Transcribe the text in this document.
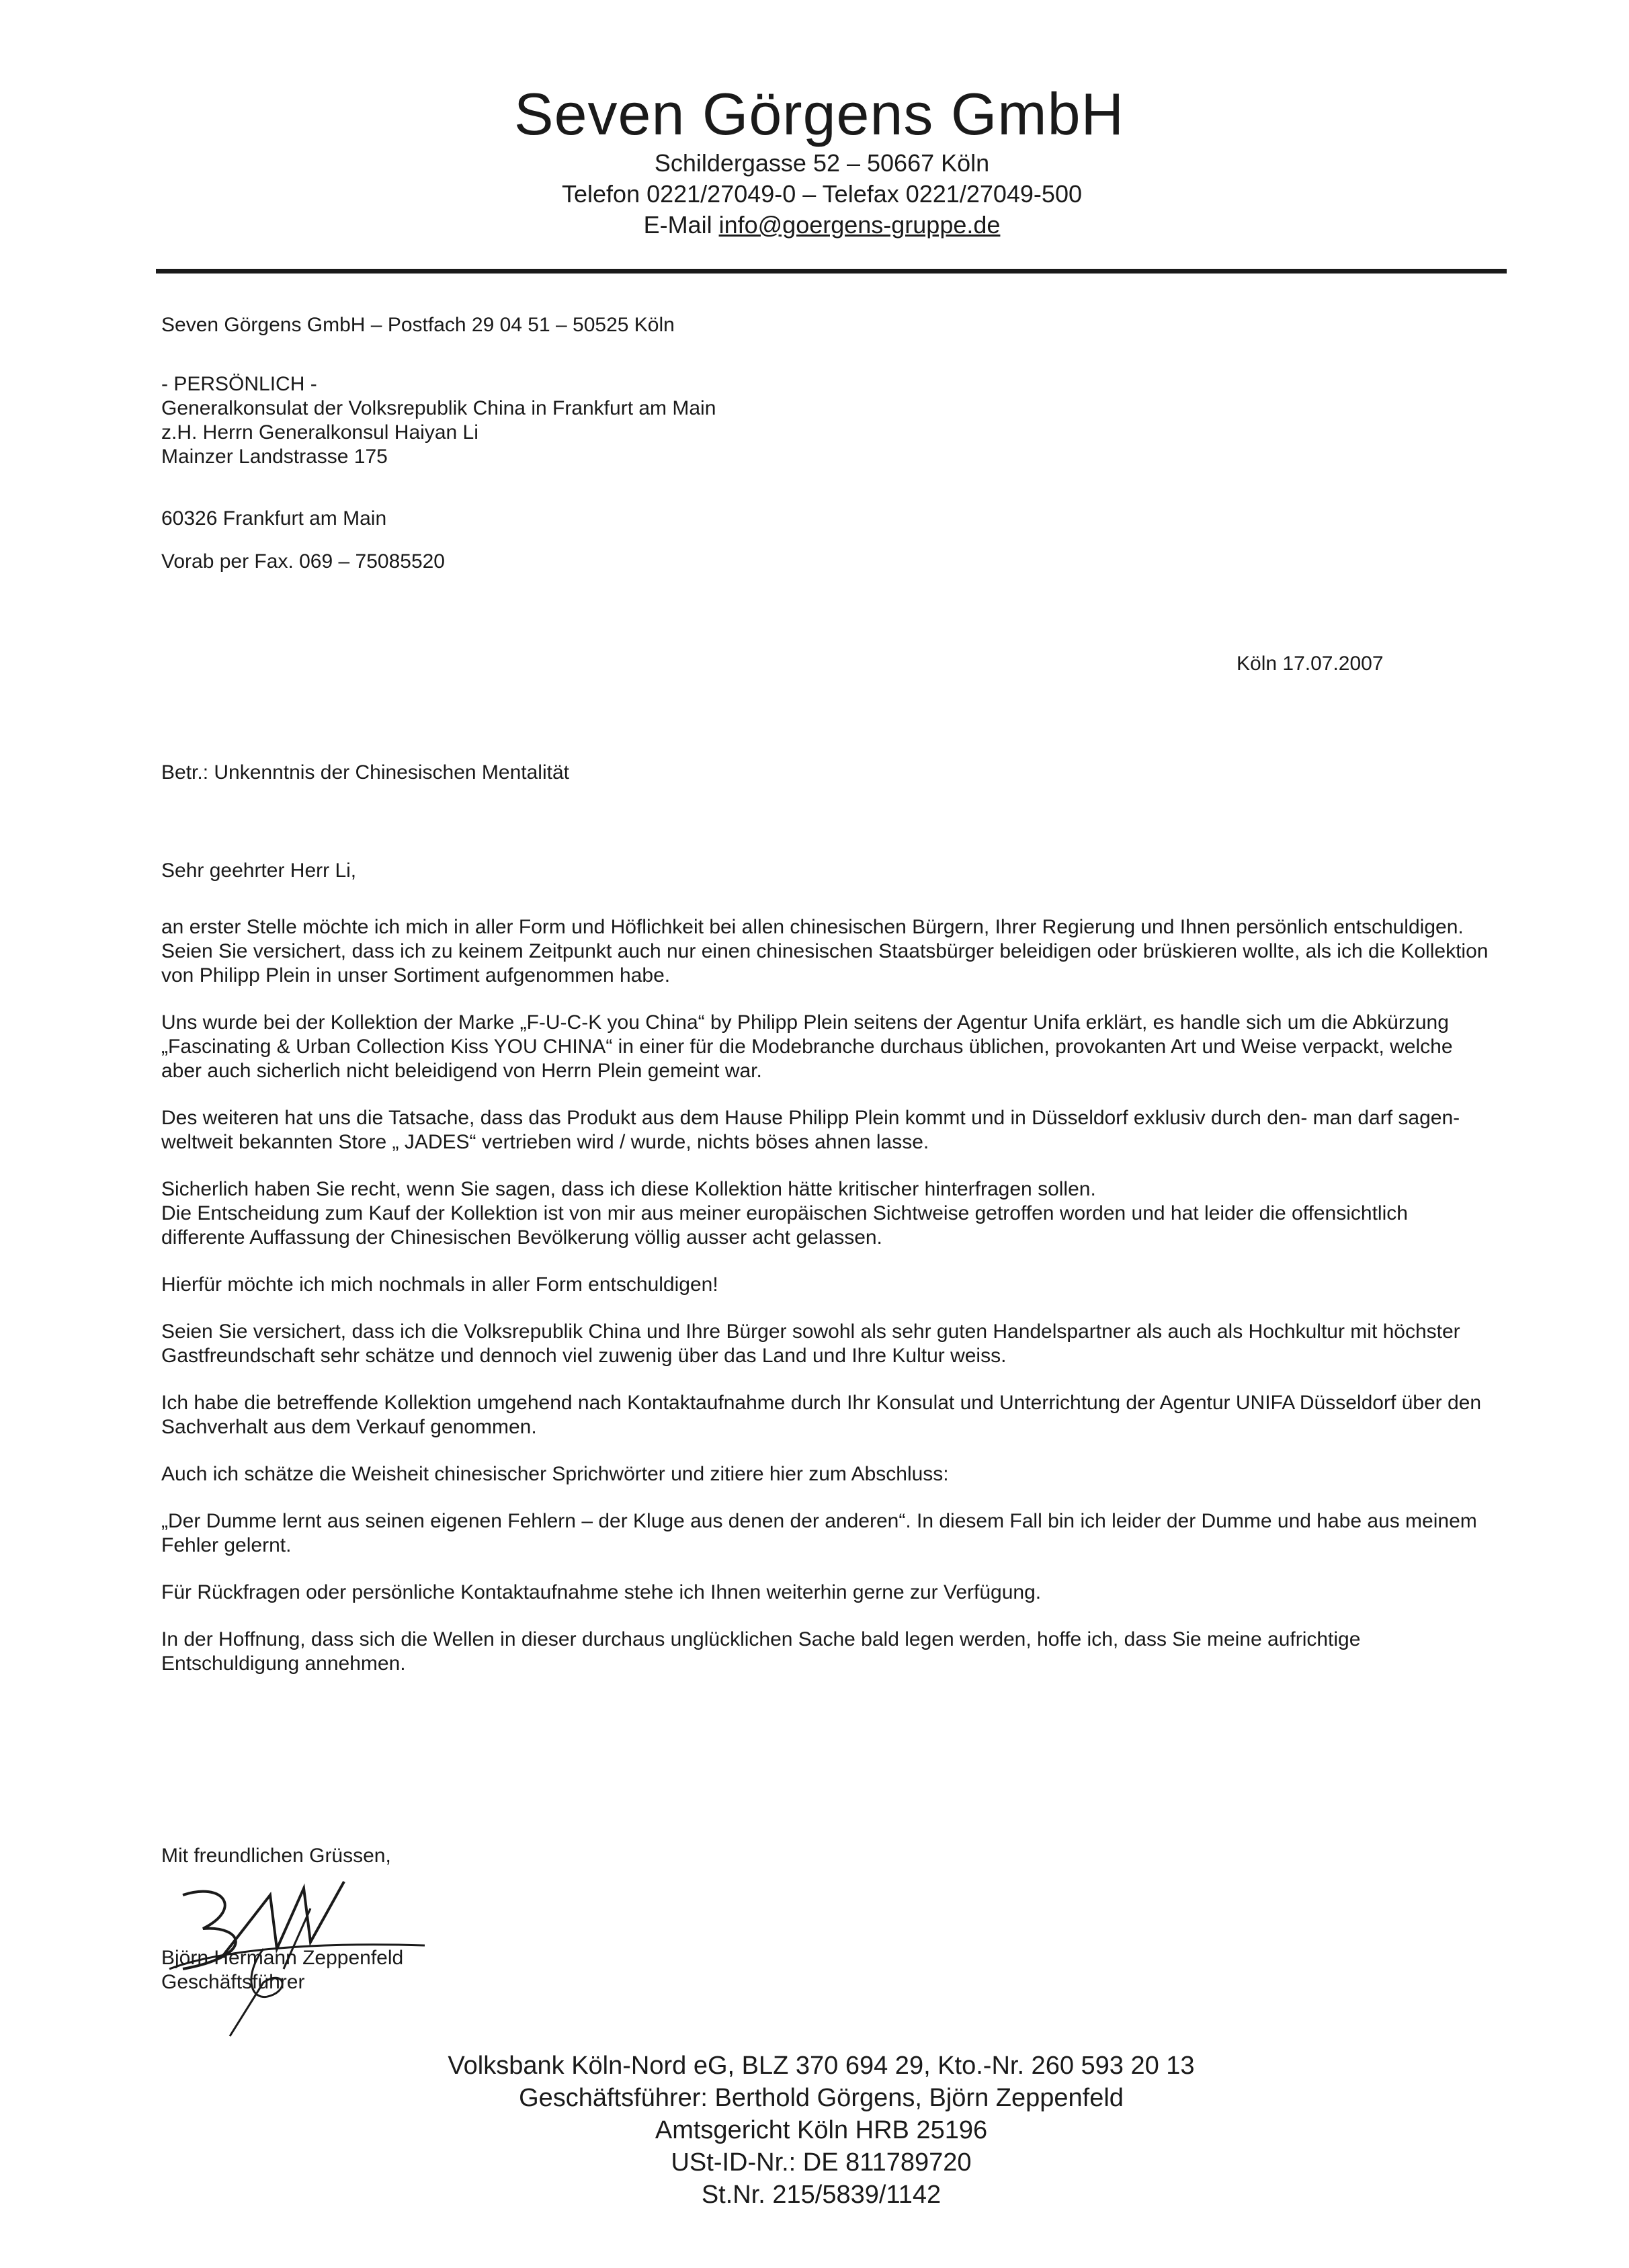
Seven Görgens GmbH
Schildergasse 52 – 50667 Köln
Telefon 0221/27049-0 – Telefax 0221/27049-500
E-Mail info@goergens-gruppe.de
Seven Görgens GmbH – Postfach 29 04 51 – 50525 Köln
- PERSÖNLICH -
Generalkonsulat der Volksrepublik China in Frankfurt am Main
z.H. Herrn Generalkonsul Haiyan Li
Mainzer Landstrasse 175
60326 Frankfurt am Main
Vorab per Fax. 069 – 75085520
Köln 17.07.2007
Betr.: Unkenntnis der Chinesischen Mentalität
Sehr geehrter Herr Li,

an erster Stelle möchte ich mich in aller Form und Höflichkeit bei allen chinesischen Bürgern, Ihrer Regierung und Ihnen persönlich entschuldigen.
Seien Sie versichert, dass ich zu keinem Zeitpunkt auch nur einen chinesischen Staatsbürger beleidigen oder brüskieren wollte, als ich die Kollektion von Philipp Plein in unser Sortiment aufgenommen habe.

Uns wurde bei der Kollektion der Marke „F-U-C-K you China“ by Philipp Plein seitens der Agentur Unifa erklärt, es handle sich um die Abkürzung „Fascinating & Urban Collection Kiss YOU CHINA“ in einer für die Modebranche durchaus üblichen, provokanten Art und Weise verpackt, welche aber auch sicherlich nicht beleidigend von Herrn Plein gemeint war.

Des weiteren hat uns die Tatsache, dass das Produkt aus dem Hause Philipp Plein kommt und in Düsseldorf exklusiv durch den- man darf sagen- weltweit bekannten Store „ JADES“ vertrieben wird / wurde, nichts böses ahnen lasse.

Sicherlich haben Sie recht, wenn Sie sagen, dass ich diese Kollektion hätte kritischer hinterfragen sollen.
Die Entscheidung zum Kauf der Kollektion ist von mir aus meiner europäischen Sichtweise getroffen worden und hat leider die offensichtlich differente Auffassung der Chinesischen Bevölkerung völlig ausser acht gelassen.

Hierfür möchte ich mich nochmals in aller Form entschuldigen!

Seien Sie versichert, dass ich die Volksrepublik China und Ihre Bürger sowohl als sehr guten Handelspartner als auch als Hochkultur mit höchster Gastfreundschaft sehr schätze und dennoch viel zuwenig über das Land und Ihre Kultur weiss.

Ich habe die betreffende Kollektion umgehend nach Kontaktaufnahme durch Ihr Konsulat und Unterrichtung der Agentur UNIFA Düsseldorf über den Sachverhalt aus dem Verkauf genommen.

Auch ich schätze die Weisheit chinesischer Sprichwörter und zitiere hier zum Abschluss:

„Der Dumme lernt aus seinen eigenen Fehlern – der Kluge aus denen der anderen“. In diesem Fall bin ich leider der Dumme und habe aus meinem Fehler gelernt.

Für Rückfragen oder persönliche Kontaktaufnahme stehe ich Ihnen weiterhin gerne zur Verfügung.

In der Hoffnung, dass sich die Wellen in dieser durchaus unglücklichen Sache bald legen werden, hoffe ich, dass Sie meine aufrichtige Entschuldigung annehmen.

Mit freundlichen Grüssen,
Björn Hermann Zeppenfeld
Geschäftsführer
Volksbank Köln-Nord eG, BLZ 370 694 29, Kto.-Nr. 260 593 20 13
Geschäftsführer: Berthold Görgens, Björn Zeppenfeld
Amtsgericht Köln HRB 25196
USt-ID-Nr.: DE 811789720
St.Nr. 215/5839/1142
